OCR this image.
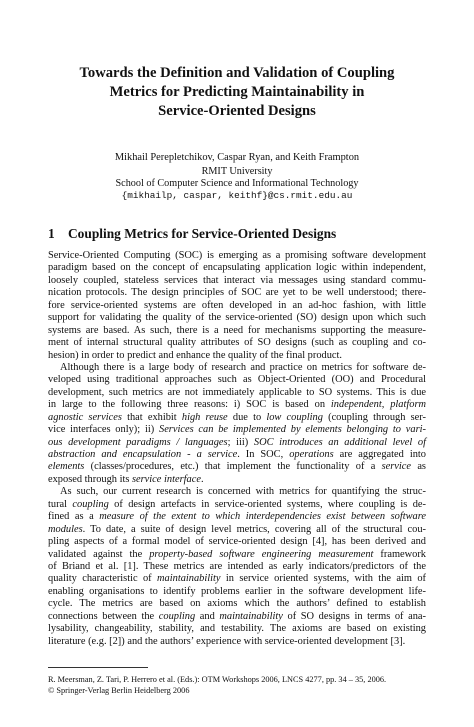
Towards the Definition and Validation of Coupling
Metrics for Predicting Maintainability in
Service-Oriented Designs
Mikhail Perepletchikov, Caspar Ryan, and Keith Frampton
RMIT University
School of Computer Science and Informational Technology
{mikhailp, caspar, keithf}@cs.rmit.edu.au
1 Coupling Metrics for Service-Oriented Designs
Service-Oriented Computing (SOC) is emerging as a promising software development
paradigm based on the concept of encapsulating application logic within independent,
loosely coupled, stateless services that interact via messages using standard commu-
nication protocols. The design principles of SOC are yet to be well understood; there-
fore service-oriented systems are often developed in an ad-hoc fashion, with little
support for validating the quality of the service-oriented (SO) design upon which such
systems are based. As such, there is a need for mechanisms supporting the measure-
ment of internal structural quality attributes of SO designs (such as coupling and co-
hesion) in order to predict and enhance the quality of the final product.
Although there is a large body of research and practice on metrics for software de-
veloped using traditional approaches such as Object-Oriented (OO) and Procedural
development, such metrics are not immediately applicable to SO systems. This is due
in large to the following three reasons: i) SOC is based on independent, platform
agnostic services that exhibit high reuse due to low coupling (coupling through ser-
vice interfaces only); ii) Services can be implemented by elements belonging to vari-
ous development paradigms / languages; iii) SOC introduces an additional level of
abstraction and encapsulation - a service. In SOC, operations are aggregated into
elements (classes/procedures, etc.) that implement the functionality of a service as
exposed through its service interface.
As such, our current research is concerned with metrics for quantifying the struc-
tural coupling of design artefacts in service-oriented systems, where coupling is de-
fined as a measure of the extent to which interdependencies exist between software
modules. To date, a suite of design level metrics, covering all of the structural cou-
pling aspects of a formal model of service-oriented design [4], has been derived and
validated against the property-based software engineering measurement framework
of Briand et al. [1]. These metrics are intended as early indicators/predictors of the
quality characteristic of maintainability in service oriented systems, with the aim of
enabling organisations to identify problems earlier in the software development life-
cycle. The metrics are based on axioms which the authors’ defined to establish
connections between the coupling and maintainability of SO designs in terms of ana-
lysability, changeability, stability, and testability. The axioms are based on existing
literature (e.g. [2]) and the authors’ experience with service-oriented development [3].
R. Meersman, Z. Tari, P. Herrero et al. (Eds.): OTM Workshops 2006, LNCS 4277, pp. 34 – 35, 2006.
© Springer-Verlag Berlin Heidelberg 2006
